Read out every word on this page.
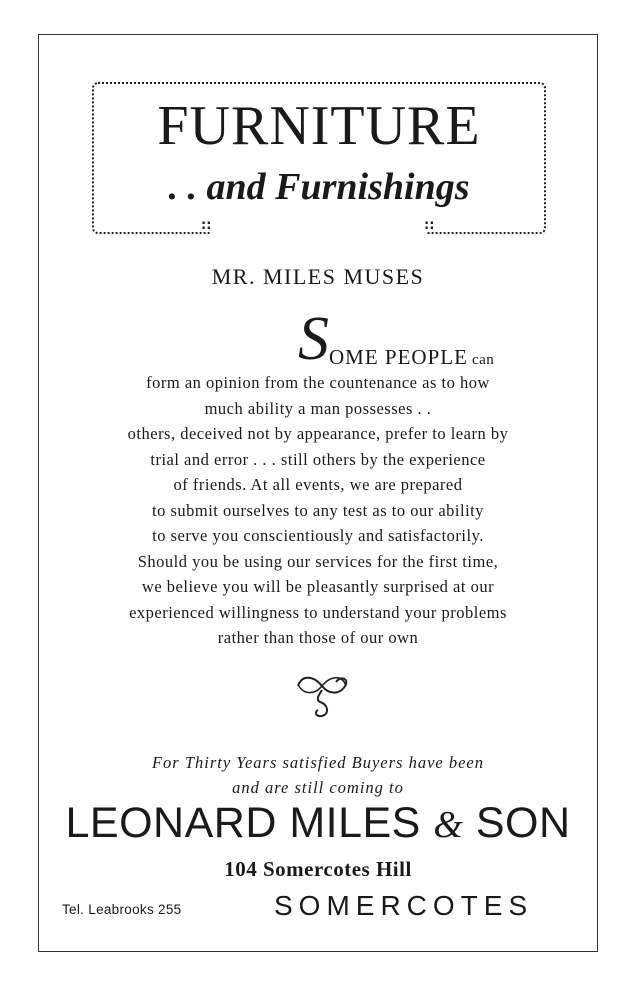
::	::
FURNITURE
. . and Furnishings
MR. MILES MUSES
SOME PEOPLE can
form an opinion from the countenance as to how
much ability a man possesses . .
others, deceived not by appearance, prefer to learn by
trial and error . . . still others by the experience
of friends. At all events, we are prepared
to submit ourselves to any test as to our ability
to serve you conscientiously and satisfactorily.
Should you be using our services for the first time,
we believe you will be pleasantly surprised at our
experienced willingness to understand your problems
rather than those of our own
For Thirty Years satisfied Buyers have been
and are still coming to
LEONARD MILES & SON
104 Somercotes Hill
Tel. Leabrooks 255	SOMERCOTES
